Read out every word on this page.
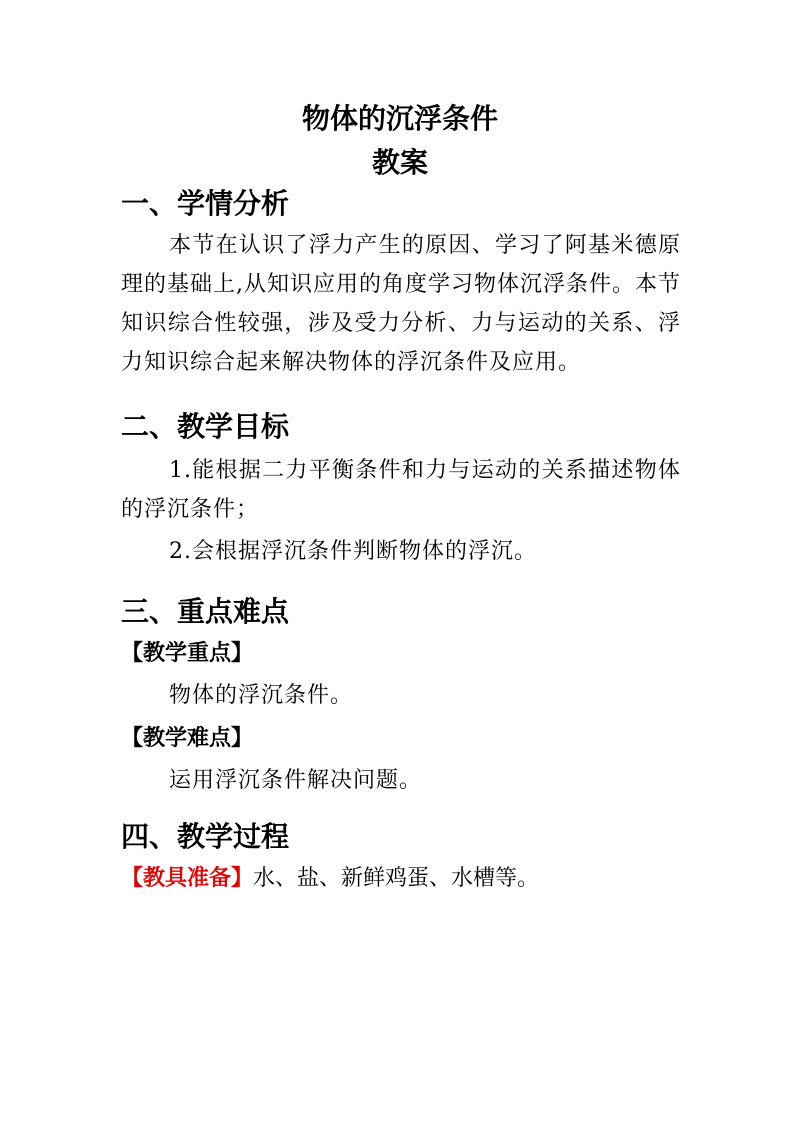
物体的沉浮条件
教案
一、学情分析

本节在认识了浮力产生的原因、学习了阿基米德原理的基础上,从知识应用的角度学习物体沉浮条件。本节知识综合性较强，涉及受力分析、力与运动的关系、浮力知识综合起来解决物体的浮沉条件及应用。

二、教学目标

1.能根据二力平衡条件和力与运动的关系描述物体的浮沉条件；

2.会根据浮沉条件判断物体的浮沉。

三、重点难点

【教学重点】

物体的浮沉条件。

【教学难点】

运用浮沉条件解决问题。

四、教学过程

【教具准备】水、盐、新鲜鸡蛋、水槽等。
